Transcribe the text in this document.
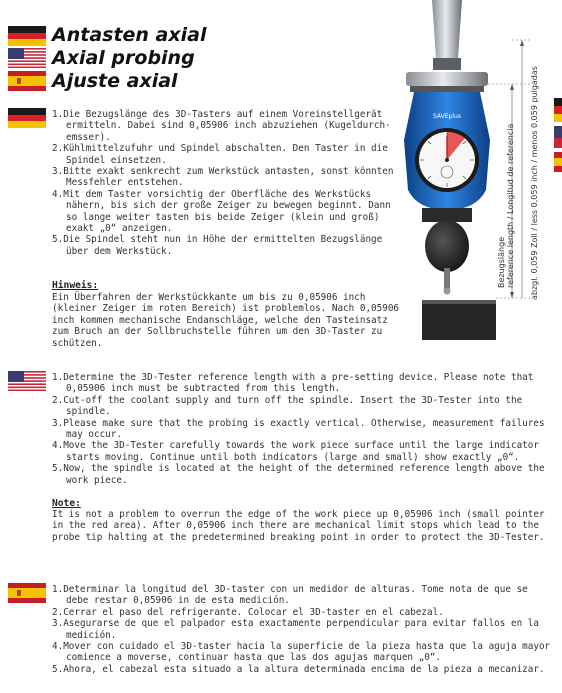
Antasten axial
Axial probing
Ajuste axial
1.Die Bezugslänge des 3D-Tasters auf einem Voreinstellgerät ermitteln. Dabei sind 0,05906 inch abzuziehen (Kugeldurch-emsser).
2.Kühlmittelzufuhr und Spindel abschalten. Den Taster in die Spindel einsetzen.
3.Bitte exakt senkrecht zum Werkstück antasten, sonst könnten Messfehler entstehen.
4.Mit dem Taster vorsichtig der Oberfläche des Werkstücks nähern, bis sich der große Zeiger zu bewegen beginnt. Dann so lange weiter tasten bis beide Zeiger (klein und groß) exakt „0“ anzeigen.
5.Die Spindel steht nun in Höhe der ermittelten Bezugslänge über dem Werkstück.
Hinweis:

Ein Überfahren der Werkstückkante um bis zu 0,05906 inch (kleiner Zeiger im roten Bereich) ist problemlos. Nach 0,05906 inch kommen mechanische Endanschläge, welche den Tasteinsatz zum Bruch an der Sollbruchstelle führen um den 3D-Taster zu schützen.

SAVEplus
Bezugslänge
reference length / Longitud de referencia abzgl. 0,059 Zoll / less 0,059 inch / menos 0,059 pulgadas
1.Determine the 3D-Tester reference length with a pre-setting device. Please note that 0,05906 inch must be subtracted from this length.
2.Cut-off the coolant supply and turn off the spindle. Insert the 3D-Tester into the spindle.
3.Please make sure that the probing is exactly vertical. Otherwise, measurement failures may occur.
4.Move the 3D-Tester carefully towards the work piece surface until the large indicator starts moving. Continue until both indicators (large and small) show exactly „0“.
5.Now, the spindle is located at the height of the determined reference length above the work piece.
Note:

It is not a problem to overrun the edge of the work piece up 0,05906 inch (small pointer in the red area). After 0,05906 inch there are mechanical limit stops which lead to the probe tip halting at the predetermined breaking point in order to protect the 3D-Tester.

1.Determinar la longitud del 3D-taster con un medidor de alturas. Tome nota de que se debe restar 0,05906 in de esta medición.
2.Cerrar el paso del refrigerante. Colocar el 3D-taster en el cabezal.
3.Asegurarse de que el palpador esta exactamente perpendicular para evitar fallos en la medición.
4.Mover con cuidado el 3D-taster hacia la superficie de la pieza hasta que la aguja mayor comience a moverse, continuar hasta que las dos agujas marquen „0“.
5.Ahora, el cabezal esta situado a la altura determinada encima de la pieza a mecanizar.
